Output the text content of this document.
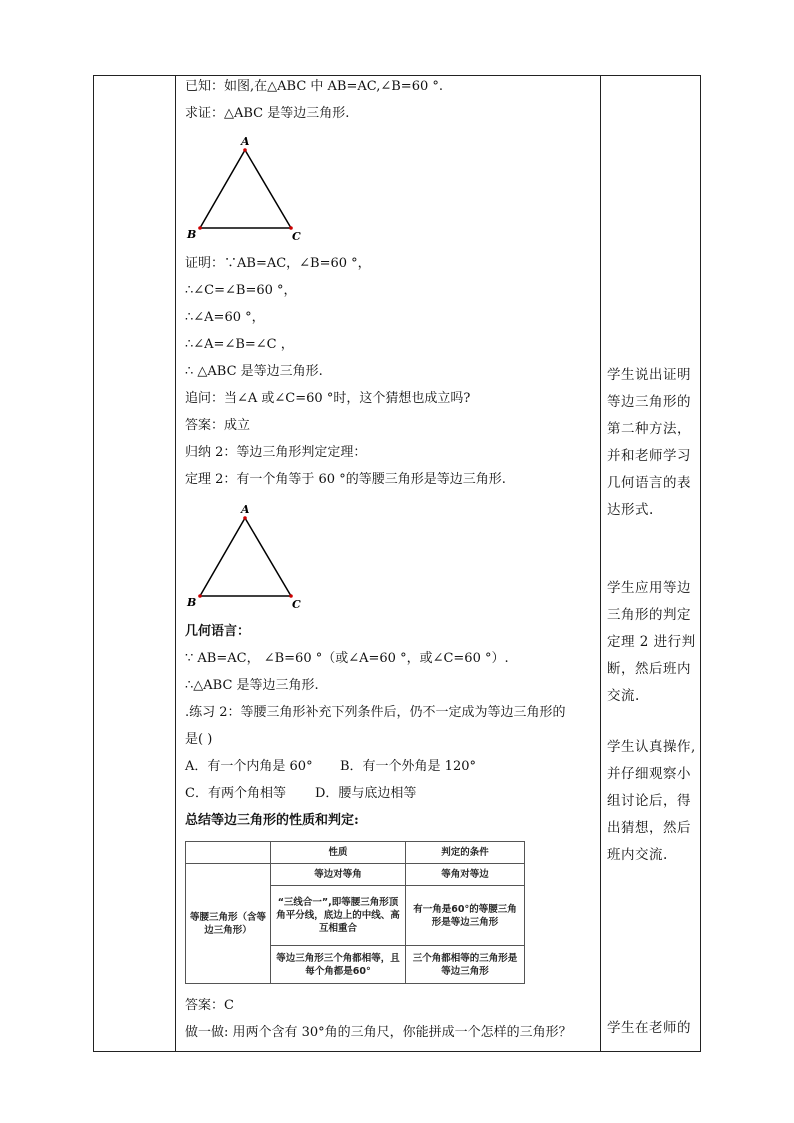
已知：如图,在△ABC 中 AB=AC,∠B=60 °.
求证：△ABC 是等边三角形.
A
B	C
证明：∵AB=AC，∠B=60 °，
∴∠C=∠B=60 °，
∴∠A=60 °，
∴∠A=∠B=∠C ，
∴ △ABC 是等边三角形.
追问：当∠A 或∠C=60 °时，这个猜想也成立吗?
答案：成立
归纳 2：等边三角形判定定理：
定理 2：有一个角等于 60 °的等腰三角形是等边三角形.
A
B	C
几何语言：
∵ AB=AC， ∠B=60 °（或∠A=60 °，或∠C=60 °）.
∴△ABC 是等边三角形.
.练习 2：等腰三角形补充下列条件后，仍不一定成为等边三角形的
是( )
A．有一个内角是 60° B．有一个外角是 120°
C．有两个角相等 D．腰与底边相等
总结等边三角形的性质和判定:
	性质	判定的条件
等腰三角形（含等边三角形）	等边对等角	等角对等边
	“三线合一”,即等腰三角形顶角平分线，底边上的中线、高互相重合	有一角是60°的等腰三角形是等边三角形
	等边三角形三个角都相等，且每个角都是60°	三个角都相等的三角形是等边三角形
答案：C
做一做: 用两个含有 30°角的三角尺，你能拼成一个怎样的三角形？
学生说出证明
等边三角形的
第二种方法，
并和老师学习
几何语言的表
达形式.
学生应用等边
三角形的判定
定理 2 进行判
断，然后班内
交流.
学生认真操作,
并仔细观察小
组讨论后，得
出猜想，然后
班内交流.
学生在老师的
